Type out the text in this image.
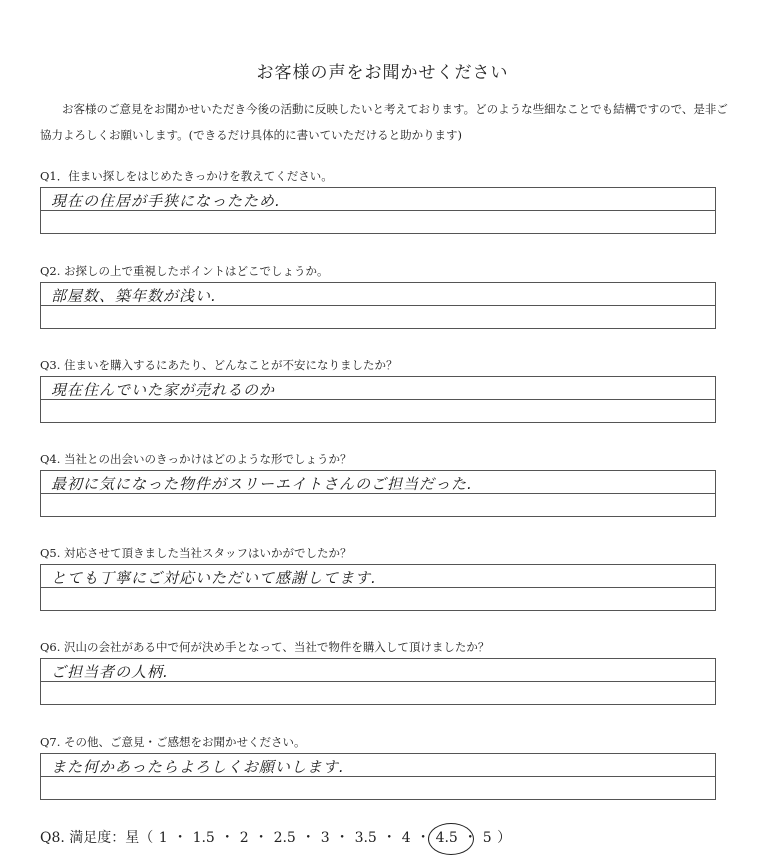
お客様の声をお聞かせください
お客様のご意見をお聞かせいただき今後の活動に反映したいと考えております。どのような些細なことでも結構ですので、是非ご協力よろしくお願いします。(できるだけ具体的に書いていただけると助かります)
Q1．住まい探しをはじめたきっかけを教えてください。
現在の住居が手狭になったため.
Q2. お探しの上で重視したポイントはどこでしょうか。
部屋数、築年数が浅い.
Q3. 住まいを購入するにあたり、どんなことが不安になりましたか？
現在住んでいた家が売れるのか
Q4. 当社との出会いのきっかけはどのような形でしょうか？
最初に気になった物件がスリーエイトさんのご担当だった.
Q5. 対応させて頂きました当社スタッフはいかがでしたか？
とても丁寧にご対応いただいて感謝してます.
Q6. 沢山の会社がある中で何が決め手となって、当社で物件を購入して頂けましたか？
ご担当者の人柄.
Q7. その他、ご意見・ご感想をお聞かせください。
また何かあったらよろしくお願いします.
Q8. 満足度：星（ 1 ・ 1.5 ・ 2 ・ 2.5 ・ 3 ・ 3.5 ・ 4 ・ 4.5
・ 5 ）
